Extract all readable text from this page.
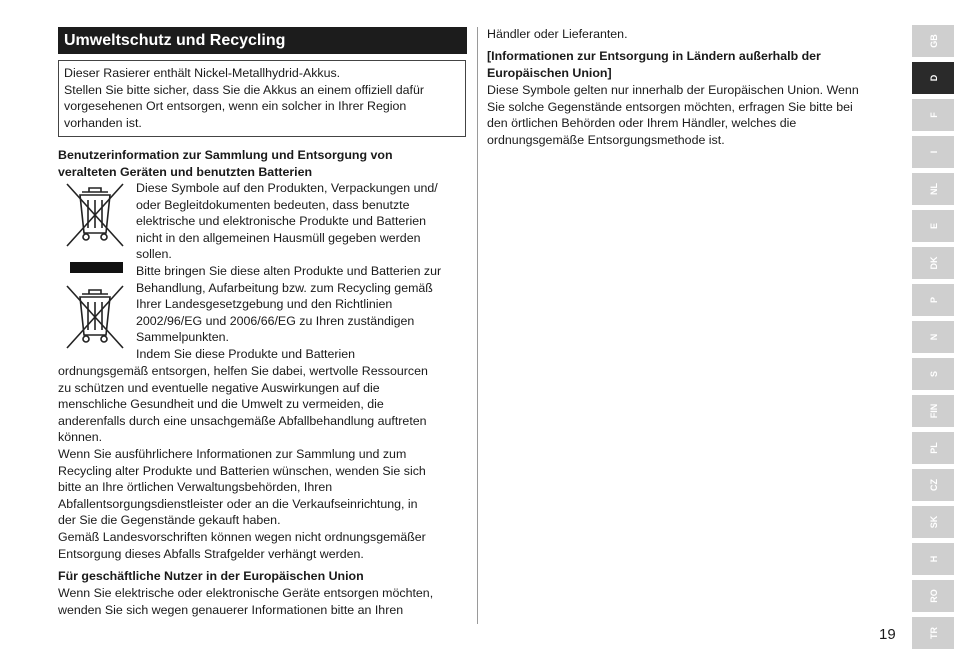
Umweltschutz und Recycling

Dieser Rasierer enthält Nickel-Metallhydrid-Akkus.
Stellen Sie bitte sicher, dass Sie die Akkus an einem offiziell dafür
vorgesehenen Ort entsorgen, wenn ein solcher in Ihrer Region
vorhanden ist.

Benutzerinformation zur Sammlung und Entsorgung von
veralteten Geräten und benutzten Batterien

Diese Symbole auf den Produkten, Verpackungen und/
oder Begleitdokumenten bedeuten, dass benutzte
elektrische und elektronische Produkte und Batterien
nicht in den allgemeinen Hausmüll gegeben werden
sollen.

Bitte bringen Sie diese alten Produkte und Batterien zur
Behandlung, Aufarbeitung bzw. zum Recycling gemäß
Ihrer Landesgesetzgebung und den Richtlinien
2002/96/EG und 2006/66/EG zu Ihren zuständigen
Sammelpunkten.

Indem Sie diese Produkte und Batterien

ordnungsgemäß entsorgen, helfen Sie dabei, wertvolle Ressourcen
zu schützen und eventuelle negative Auswirkungen auf die
menschliche Gesundheit und die Umwelt zu vermeiden, die
anderenfalls durch eine unsachgemäße Abfallbehandlung auftreten
können.
Wenn Sie ausführlichere Informationen zur Sammlung und zum
Recycling alter Produkte und Batterien wünschen, wenden Sie sich
bitte an Ihre örtlichen Verwaltungsbehörden, Ihren
Abfallentsorgungsdienstleister oder an die Verkaufseinrichtung, in
der Sie die Gegenstände gekauft haben.
Gemäß Landesvorschriften können wegen nicht ordnungsgemäßer
Entsorgung dieses Abfalls Strafgelder verhängt werden.

Für geschäftliche Nutzer in der Europäischen Union

Wenn Sie elektrische oder elektronische Geräte entsorgen möchten,
wenden Sie sich wegen genauerer Informationen bitte an Ihren

Händler oder Lieferanten.

[Informationen zur Entsorgung in Ländern außerhalb der
Europäischen Union]

Diese Symbole gelten nur innerhalb der Europäischen Union. Wenn
Sie solche Gegenstände entsorgen möchten, erfragen Sie bitte bei
den örtlichen Behörden oder Ihrem Händler, welches die
ordnungsgemäße Entsorgungsmethode ist.

GB
D
F
I
NL
E
DK
P
N
S
FIN
PL
CZ
SK
H
RO
TR
19
